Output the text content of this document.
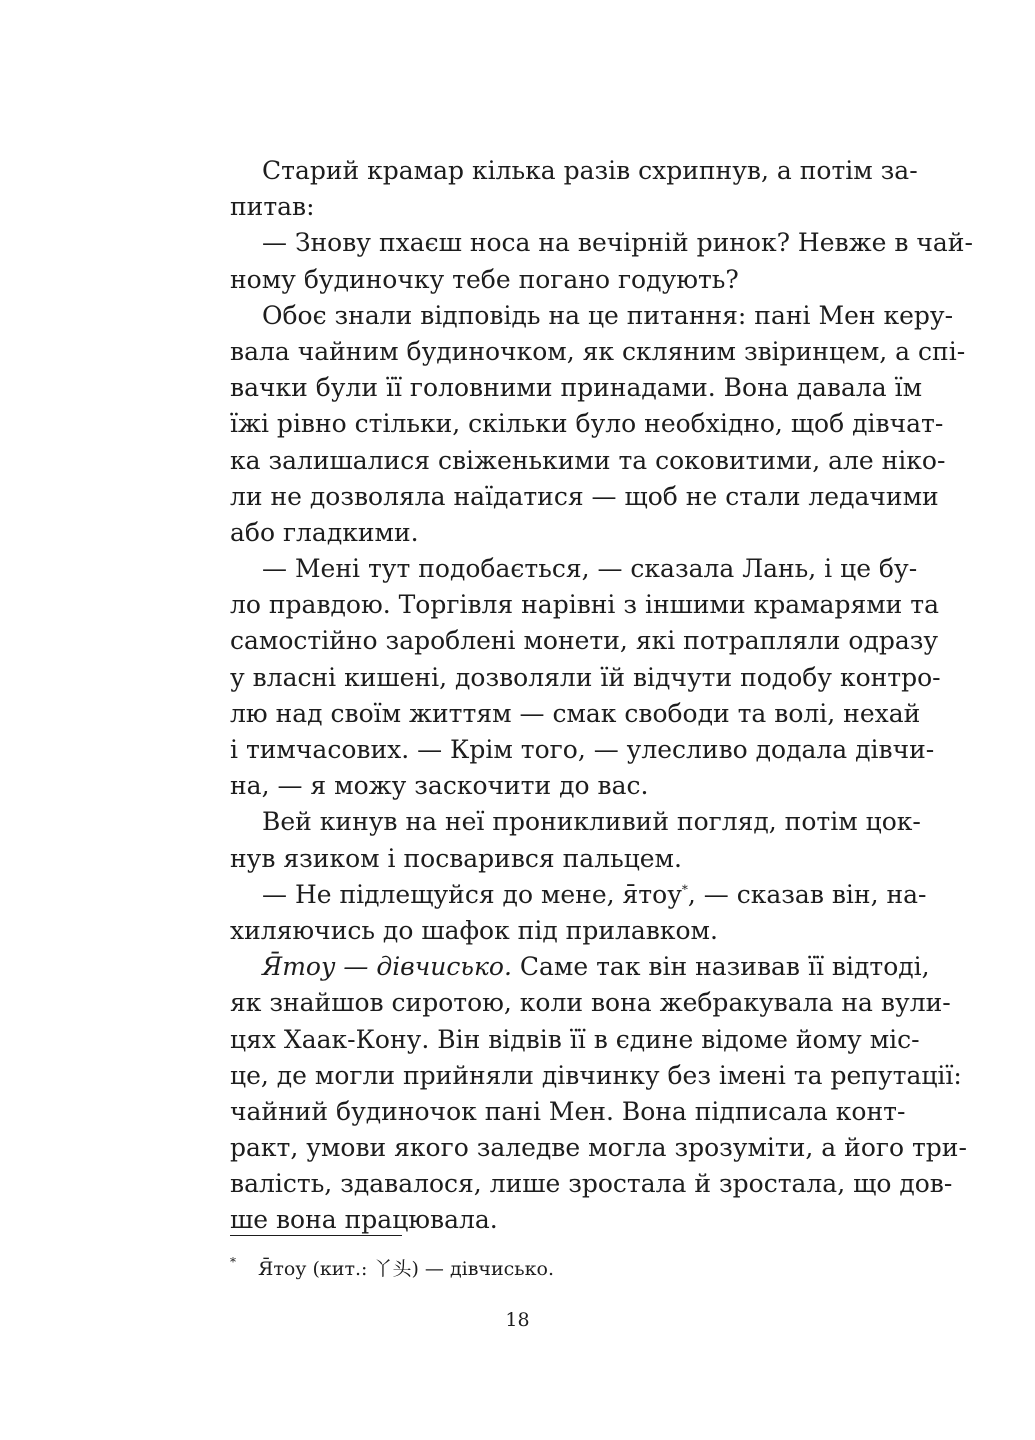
Старий крамар кілька разів схрипнув, а потім за-
питав:
— Знову пхаєш носа на вечірній ринок? Невже в чай-
ному будиночку тебе погано годують?
Обоє знали відповідь на це питання: пані Мен керу-
вала чайним будиночком, як скляним звіринцем, а спі-
вачки були її головними принадами. Вона давала їм
їжі рівно стільки, скільки було необхідно, щоб дівчат-
ка залишалися свіженькими та соковитими, але ніко-
ли не дозволяла наїдатися — щоб не стали ледачими
або гладкими.
— Мені тут подобається, — сказала Лань, і це бу-
ло правдою. Торгівля нарівні з іншими крамарями та
самостійно зароблені монети, які потрапляли одразу
у власні кишені, дозволяли їй відчути подобу контро-
лю над своїм життям — смак свободи та волі, нехай
і тимчасових. — Крім того, — улесливо додала дівчи-
на, — я можу заскочити до вас.
Вей кинув на неї проникливий погляд, потім цок-
нув язиком і посварився пальцем.
— Не підлещуйся до мене, я̄тоу*, — сказав він, на-
хиляючись до шафок під прилавком.
Я̄тоу — дівчисько. Саме так він називав її відтоді,
як знайшов сиротою, коли вона жебракувала на вули-
цях Хаак-Кону. Він відвів її в єдине відоме йому міс-
це, де могли прийняли дівчинку без імені та репутації:
чайний будиночок пані Мен. Вона підписала конт-
ракт, умови якого заледве могла зрозуміти, а його три-
валість, здавалося, лише зростала й зростала, що дов-
ше вона працювала.
* Я̄тоу (кит.: 丫头) — дівчисько.
18
